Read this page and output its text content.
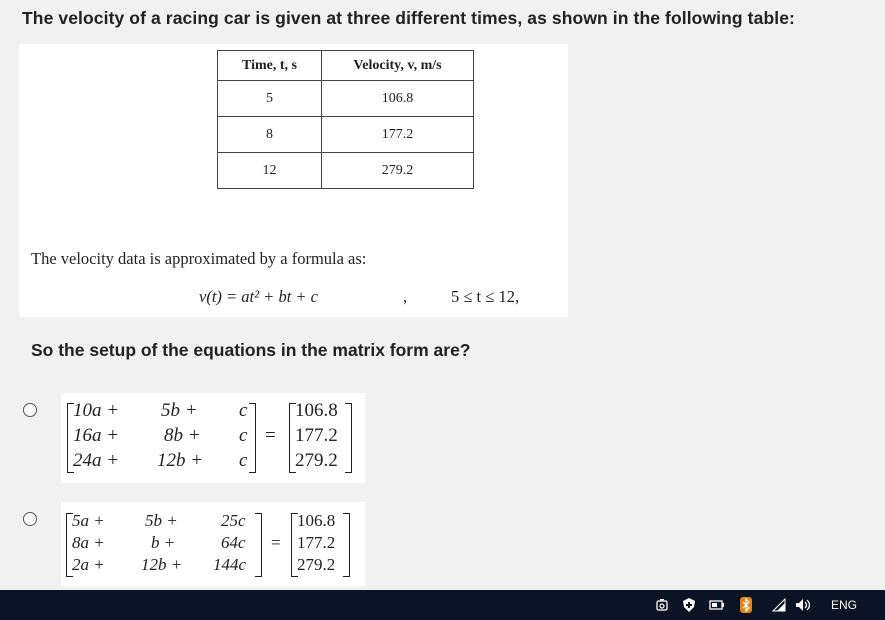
The velocity of a racing car is given at three different times, as shown in the following table:
Time, t, s	Velocity, v, m/s
5	106.8
8	177.2
12	279.2
The velocity data is approximated by a formula as:
v(t) = at² + bt + c	,	5 ≤ t ≤ 12,
So the setup of the equations in the matrix form are?
10a + 5b + c
16a + 8b + c
24a + 12b + c
=
106.8
177.2
279.2
5a + 5b +	25c
8a +	b +	64c
2a + 12b + 144c
=
106.8
177.2
279.2
ENG
